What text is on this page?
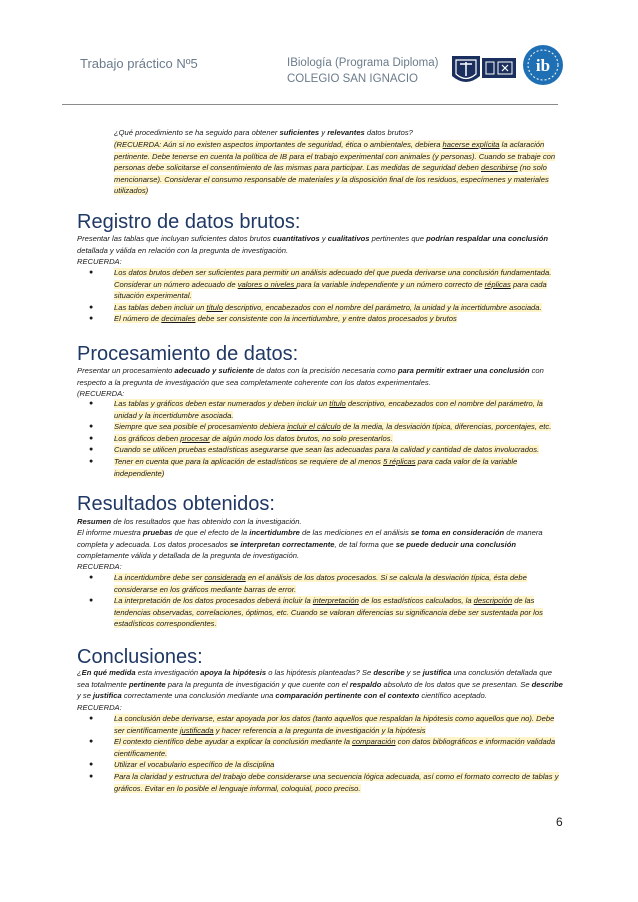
Trabajo práctico Nº5	IBiología (Programa Diploma)
COLEGIO SAN IGNACIO
ib
¿Qué procedimiento se ha seguido para obtener suficientes y relevantes datos brutos?
(RECUERDA: Aún si no existen aspectos importantes de seguridad, ética o ambientales, debiera hacerse explícita la aclaración pertinente. Debe tenerse en cuenta la política de IB para el trabajo experimental con animales (y personas). Cuando se trabaje con personas debe solicitarse el consentimiento de las mismas para participar. Las medidas de seguridad deben describirse (no solo mencionarse). Considerar el consumo responsable de materiales y la disposición final de los residuos, especímenes y materiales utilizados)
Registro de datos brutos:
Presentar las tablas que incluyan suficientes datos brutos cuantitativos y cualitativos pertinentes que podrían respaldar una conclusión detallada y válida en relación con la pregunta de investigación.
RECUERDA:
●	Los datos brutos deben ser suficientes para permitir un análisis adecuado del que pueda derivarse una conclusión fundamentada. Considerar un número adecuado de valores o niveles para la variable independiente y un número correcto de réplicas para cada situación experimental.
●	Las tablas deben incluir un título descriptivo, encabezados con el nombre del parámetro, la unidad y la incertidumbre asociada.
●	El número de decimales debe ser consistente con la incertidumbre, y entre datos procesados y brutos
Procesamiento de datos:
Presentar un procesamiento adecuado y suficiente de datos con la precisión necesaria como para permitir extraer una conclusión con respecto a la pregunta de investigación que sea completamente coherente con los datos experimentales.
(RECUERDA:
●	Las tablas y gráficos deben estar numerados y deben incluir un título descriptivo, encabezados con el nombre del parámetro, la unidad y la incertidumbre asociada.
●	Siempre que sea posible el procesamiento debiera incluir el cálculo de la media, la desviación típica, diferencias, porcentajes, etc.
●	Los gráficos deben procesar de algún modo los datos brutos, no solo presentarlos.
●	Cuando se utilicen pruebas estadísticas asegurarse que sean las adecuadas para la calidad y cantidad de datos involucrados.
●	Tener en cuenta que para la aplicación de estadísticos se requiere de al menos 5 réplicas para cada valor de la variable independiente)
Resultados obtenidos:
Resumen de los resultados que has obtenido con la investigación.
El informe muestra pruebas de que el efecto de la incertidumbre de las mediciones en el análisis se toma en consideración de manera completa y adecuada. Los datos procesados se interpretan correctamente, de tal forma que se puede deducir una conclusión completamente válida y detallada de la pregunta de investigación.
RECUERDA:
●	La incertidumbre debe ser considerada en el análisis de los datos procesados. Si se calcula la desviación típica, ésta debe considerarse en los gráficos mediante barras de error.
●	La interpretación de los datos procesados deberá incluir la interpretación de los estadísticos calculados, la descripción de las tendencias observadas, correlaciones, óptimos, etc. Cuando se valoran diferencias su significancia debe ser sustentada por los estadísticos correspondientes.
Conclusiones:
¿En qué medida esta investigación apoya la hipótesis o las hipótesis planteadas? Se describe y se justifica una conclusión detallada que sea totalmente pertinente para la pregunta de investigación y que cuente con el respaldo absoluto de los datos que se presentan. Se describe y se justifica correctamente una conclusión mediante una comparación pertinente con el contexto científico aceptado.
RECUERDA:
●	La conclusión debe derivarse, estar apoyada por los datos (tanto aquellos que respaldan la hipótesis como aquellos que no). Debe ser científicamente justificada y hacer referencia a la pregunta de investigación y la hipótesis
●	El contexto científico debe ayudar a explicar la conclusión mediante la comparación con datos bibliográficos e información validada científicamente.
●	Utilizar el vocabulario específico de la disciplina
●	Para la claridad y estructura del trabajo debe considerarse una secuencia lógica adecuada, así como el formato correcto de tablas y gráficos. Evitar en lo posible el lenguaje informal, coloquial, poco preciso.
6
